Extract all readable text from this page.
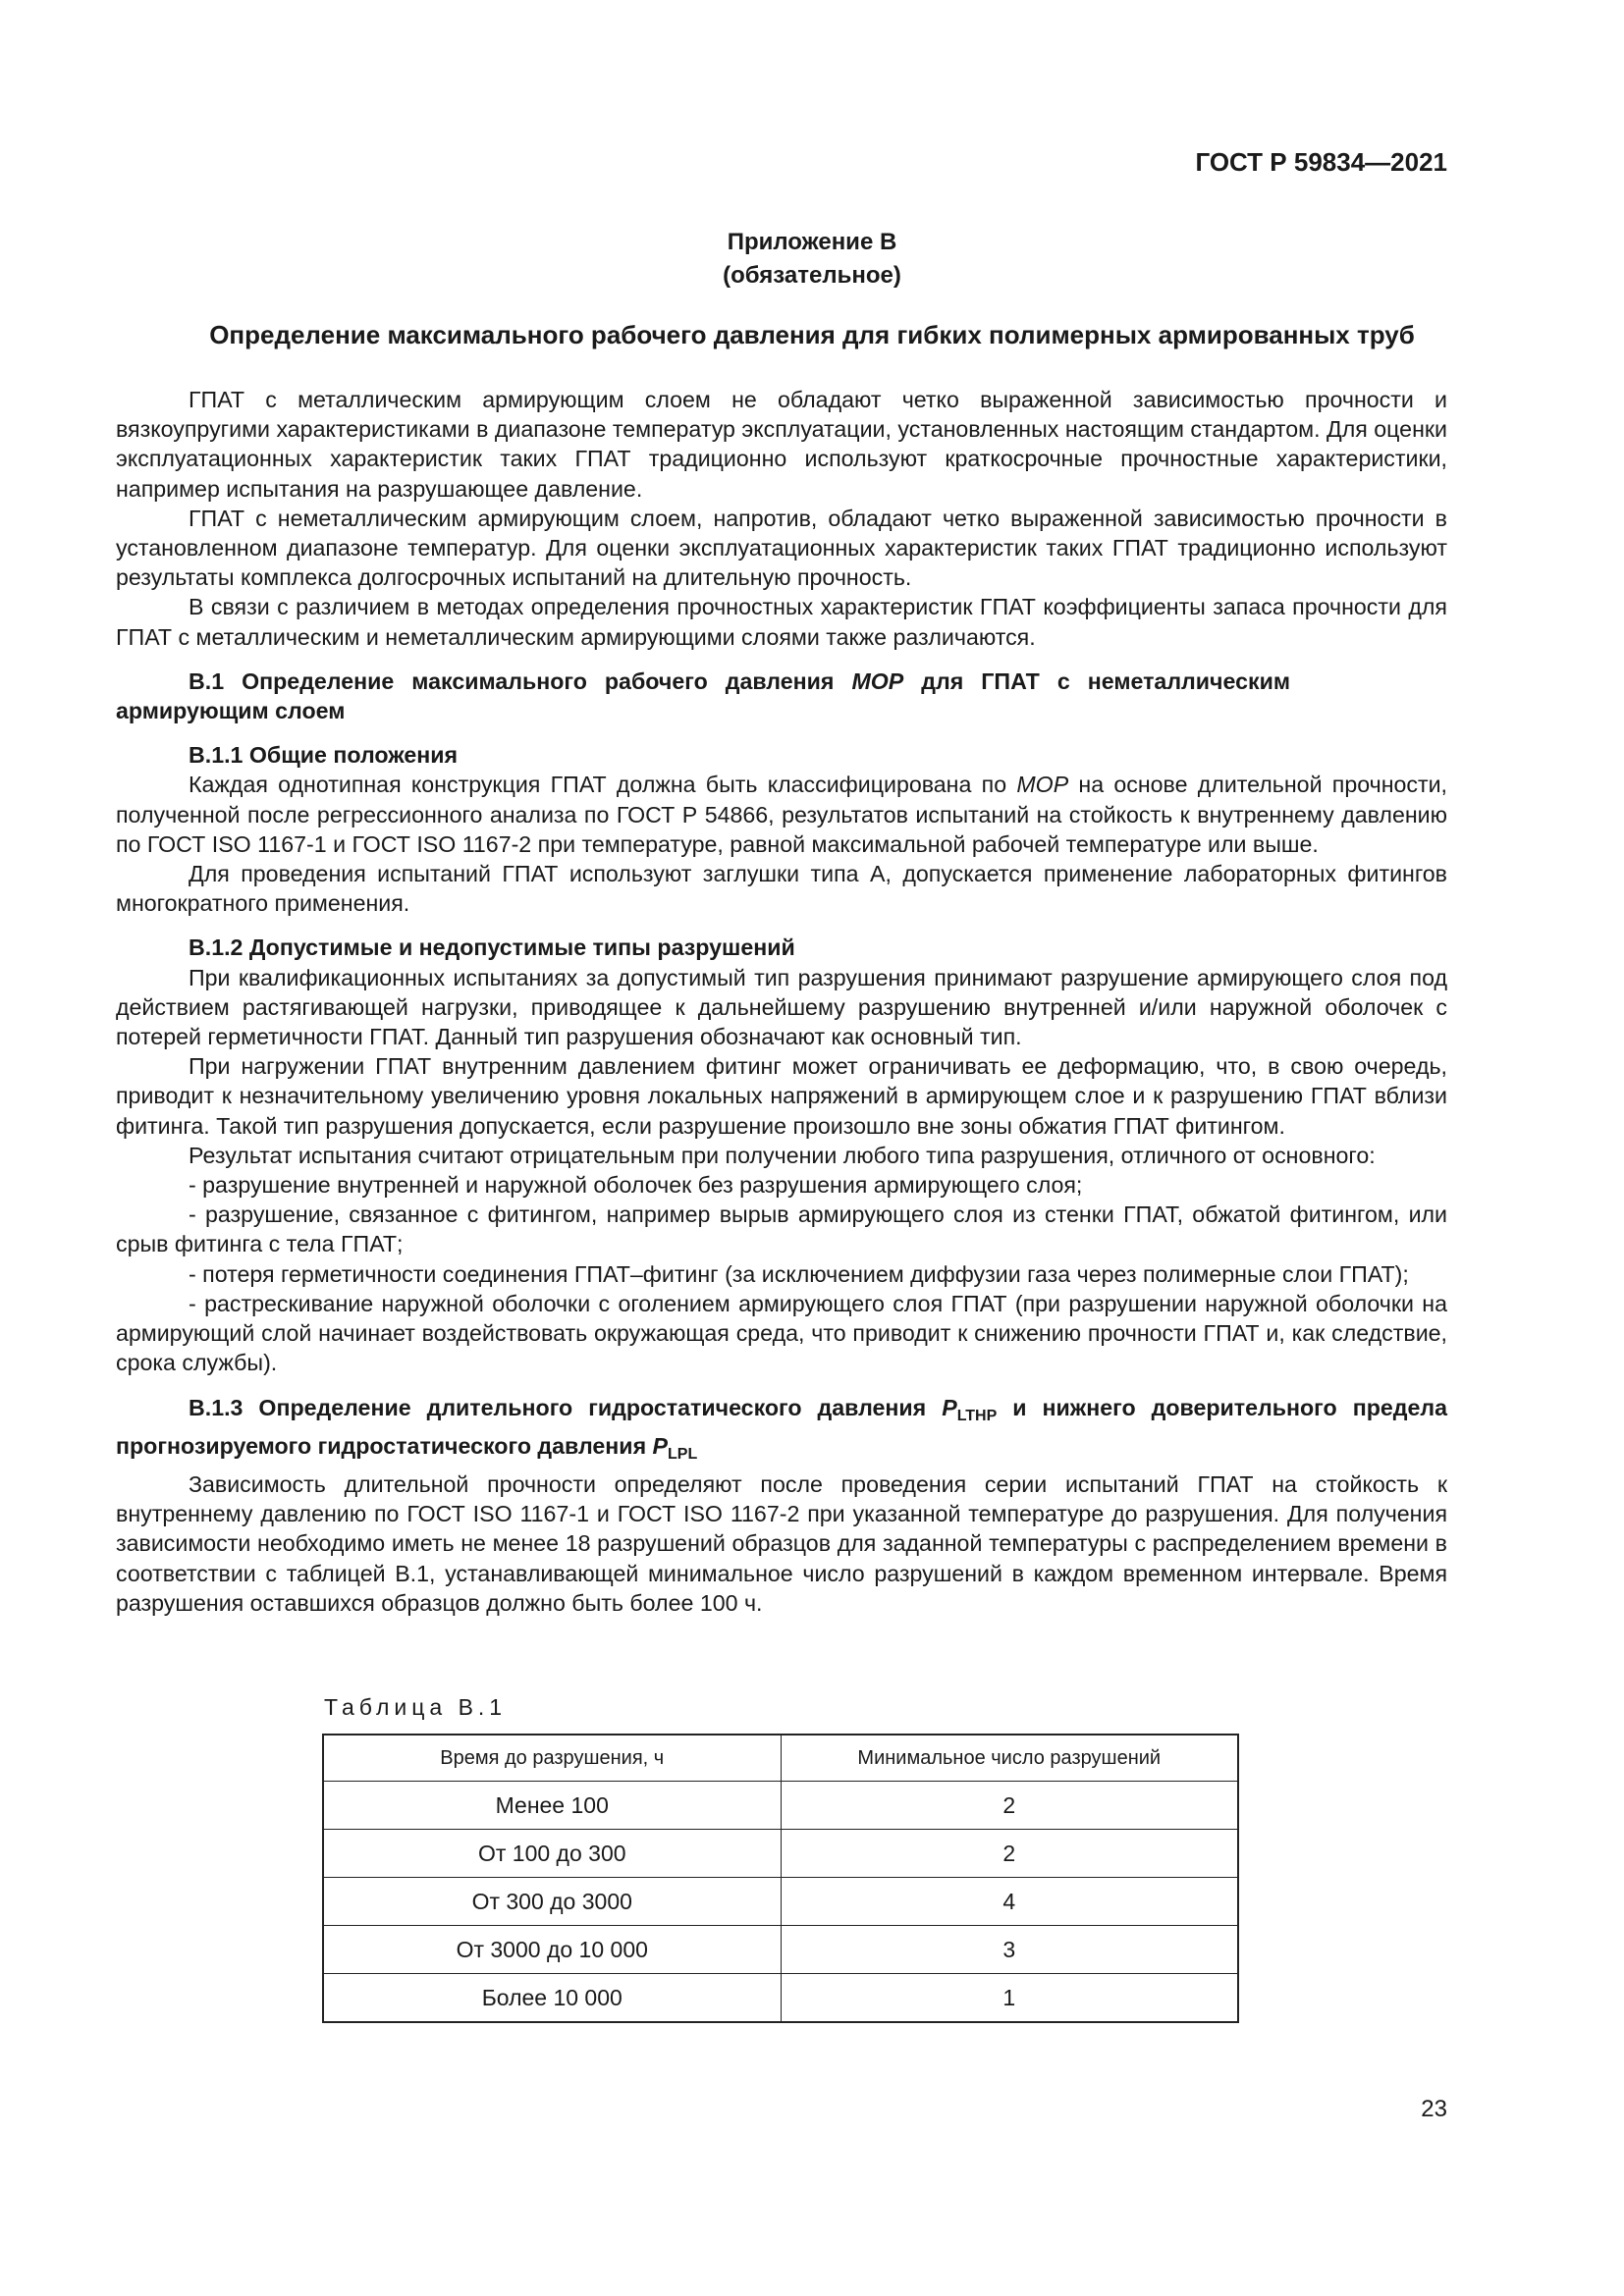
ГОСТ Р 59834—2021
Приложение В
(обязательное)
Определение максимального рабочего давления для гибких полимерных армированных труб

ГПАТ с металлическим армирующим слоем не обладают четко выраженной зависимостью прочности и вязкоупругими характеристиками в диапазоне температур эксплуатации, установленных настоящим стандартом. Для оценки эксплуатационных характеристик таких ГПАТ традиционно используют краткосрочные прочностные характеристики, например испытания на разрушающее давление.

ГПАТ с неметаллическим армирующим слоем, напротив, обладают четко выраженной зависимостью прочности в установленном диапазоне температур. Для оценки эксплуатационных характеристик таких ГПАТ традиционно используют результаты комплекса долгосрочных испытаний на длительную прочность.

В связи с различием в методах определения прочностных характеристик ГПАТ коэффициенты запаса прочности для ГПАТ с металлическим и неметаллическим армирующими слоями также различаются.

В.1 Определение максимального рабочего давления МОР для ГПАТ с неметаллическим армирующим слоем

В.1.1 Общие положения

Каждая однотипная конструкция ГПАТ должна быть классифицирована по МОР на основе длительной прочности, полученной после регрессионного анализа по ГОСТ Р 54866, результатов испытаний на стойкость к внутреннему давлению по ГОСТ ISO 1167-1 и ГОСТ ISO 1167-2 при температуре, равной максимальной рабочей температуре или выше.

Для проведения испытаний ГПАТ используют заглушки типа А, допускается применение лабораторных фитингов многократного применения.

В.1.2 Допустимые и недопустимые типы разрушений

При квалификационных испытаниях за допустимый тип разрушения принимают разрушение армирующего слоя под действием растягивающей нагрузки, приводящее к дальнейшему разрушению внутренней и/или наружной оболочек с потерей герметичности ГПАТ. Данный тип разрушения обозначают как основный тип.

При нагружении ГПАТ внутренним давлением фитинг может ограничивать ее деформацию, что, в свою очередь, приводит к незначительному увеличению уровня локальных напряжений в армирующем слое и к разрушению ГПАТ вблизи фитинга. Такой тип разрушения допускается, если разрушение произошло вне зоны обжатия ГПАТ фитингом.

Результат испытания считают отрицательным при получении любого типа разрушения, отличного от основного:

- разрушение внутренней и наружной оболочек без разрушения армирующего слоя;

- разрушение, связанное с фитингом, например вырыв армирующего слоя из стенки ГПАТ, обжатой фитингом, или срыв фитинга с тела ГПАТ;

- потеря герметичности соединения ГПАТ–фитинг (за исключением диффузии газа через полимерные слои ГПАТ);

- растрескивание наружной оболочки с оголением армирующего слоя ГПАТ (при разрушении наружной оболочки на армирующий слой начинает воздействовать окружающая среда, что приводит к снижению прочности ГПАТ и, как следствие, срока службы).

В.1.3 Определение длительного гидростатического давления $P_{LTHP}$ и нижнего доверительного предела прогнозируемого гидростатического давления $P_{LPL}$

Зависимость длительной прочности определяют после проведения серии испытаний ГПАТ на стойкость к внутреннему давлению по ГОСТ ISO 1167-1 и ГОСТ ISO 1167-2 при указанной температуре до разрушения. Для получения зависимости необходимо иметь не менее 18 разрушений образцов для заданной температуры с распределением времени в соответствии с таблицей В.1, устанавливающей минимальное число разрушений в каждом временном интервале. Время разрушения оставшихся образцов должно быть более 100 ч.

Таблица В.1
Время до разрушения, ч	Минимальное число разрушений
Менее 100	2
От 100 до 300	2
От 300 до 3000	4
От 3000 до 10 000	3
Более 10 000	1
23
